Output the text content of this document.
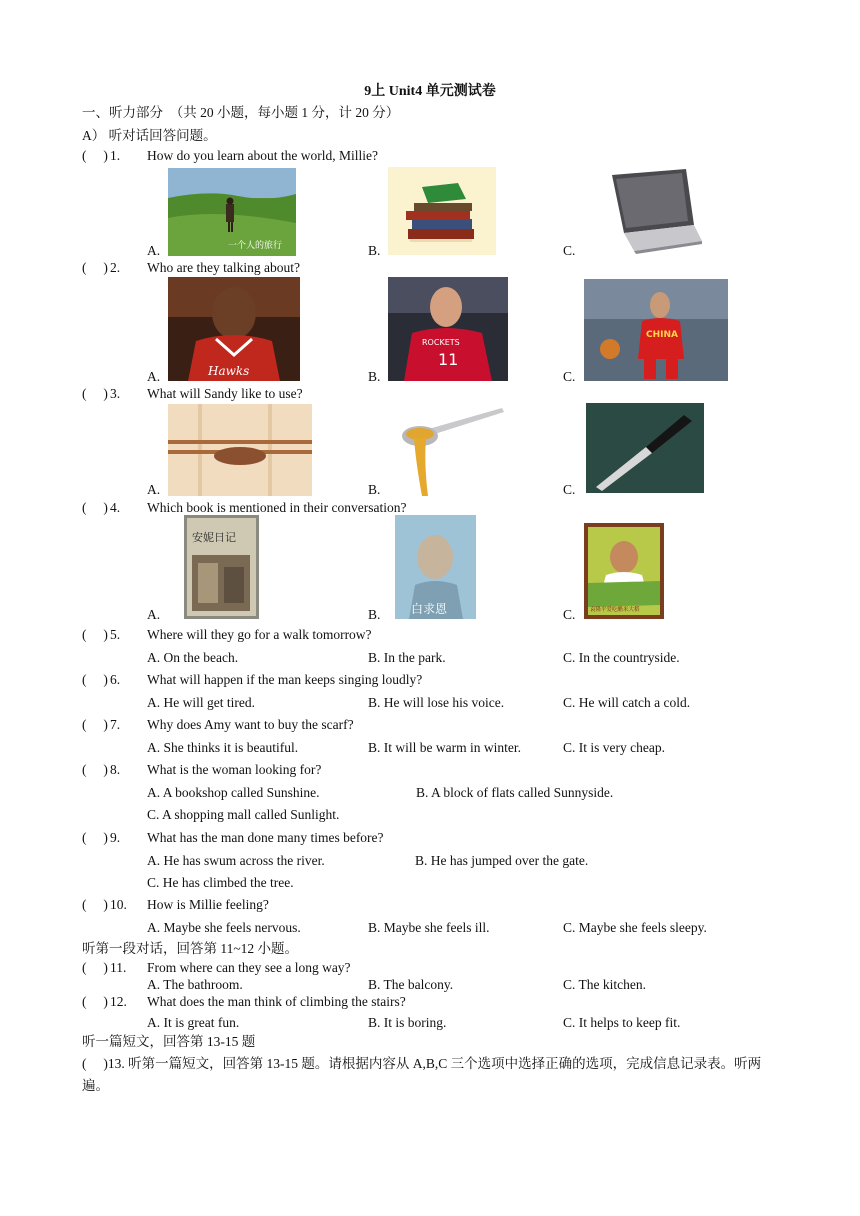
9上 Unit4 单元测试卷
一、听力部分　（共 20 小题，每小题 1 分，计 20 分）
A） 听对话回答问题。
(　 ) 1. How do you learn about the world, Millie?
A.	B.	C.
一个人的旅行
(　 ) 2. Who are they talking about?
A.	B.	C.
Hawks
ROCKETS
11
CHINA
(　 ) 3. What will Sandy like to use?
A.	B.	C.
(　 ) 4. Which book is mentioned in their conversation?
A.	B.	C.
安妮日记
白求恩	袁隆平爱吃醋米大稻
(　 ) 5. Where will they go for a walk tomorrow?
A. On the beach.	B. In the park.	C. In the countryside.
(　 ) 6. What will happen if the man keeps singing loudly?
A. He will get tired.	B. He will lose his voice.	C. He will catch a cold.
(　 ) 7. Why does Amy want to buy the scarf?
A. She thinks it is beautiful.	B. It will be warm in winter.	C. It is very cheap.
(　 ) 8. What is the woman looking for?
A. A bookshop called Sunshine.	B. A block of flats called Sunnyside.
C. A shopping mall called Sunlight.
(　 ) 9. What has the man done many times before?
A. He has swum across the river.	B. He has jumped over the gate.
C. He has climbed the tree.
(　 ) 10. How is Millie feeling?
A. Maybe she feels nervous.	B. Maybe she feels ill.	C. Maybe she feels sleepy.
听第一段对话，回答第 11~12 小题。
(　 ) 11. From where can they see a long way?
A. The bathroom.	B. The balcony.	C. The kitchen.
(　 ) 12. What does the man think of climbing the stairs?
A. It is great fun.	B. It is boring.	C. It helps to keep fit.
听一篇短文，回答第 13-15 题
(　 )13. 听第一篇短文，回答第 13-15 题。请根据内容从 A,B,C 三个选项中选择正确的选项，完成信息记录表。听两遍。
